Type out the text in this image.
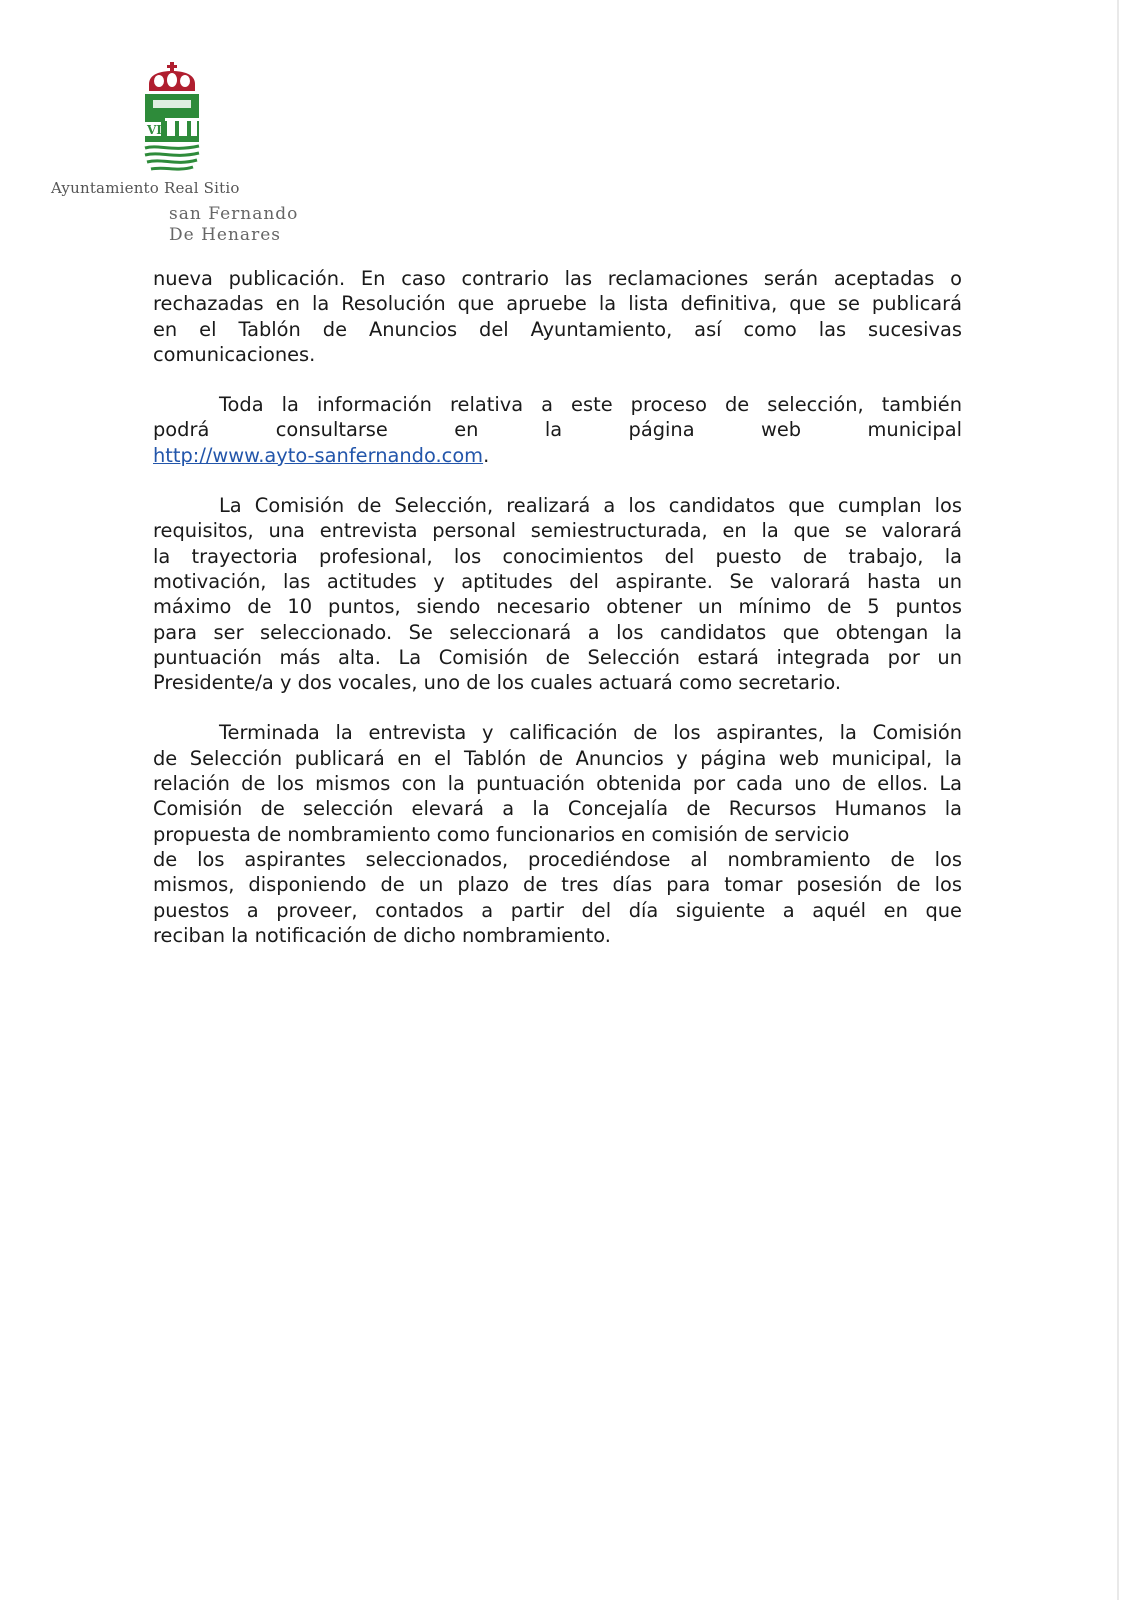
VI
Ayuntamiento Real Sitio
san Fernando
De Henares

nueva publicación. En caso contrario las reclamaciones serán aceptadas o
rechazadas en la Resolución que apruebe la lista definitiva, que se publicará
en el Tablón de Anuncios del Ayuntamiento, así como las sucesivas
comunicaciones.

Toda la información relativa a este proceso de selección, también
podrá consultarse en la página web municipal
http://www.ayto-sanfernando.com.

La Comisión de Selección, realizará a los candidatos que cumplan los
requisitos, una entrevista personal semiestructurada, en la que se valorará
la trayectoria profesional, los conocimientos del puesto de trabajo, la
motivación, las actitudes y aptitudes del aspirante. Se valorará hasta un
máximo de 10 puntos, siendo necesario obtener un mínimo de 5 puntos
para ser seleccionado. Se seleccionará a los candidatos que obtengan la
puntuación más alta. La Comisión de Selección estará integrada por un
Presidente/a y dos vocales, uno de los cuales actuará como secretario.

Terminada la entrevista y calificación de los aspirantes, la Comisión
de Selección publicará en el Tablón de Anuncios y página web municipal, la
relación de los mismos con la puntuación obtenida por cada uno de ellos. La
Comisión de selección elevará a la Concejalía de Recursos Humanos la
propuesta de nombramiento como funcionarios en comisión de servicio
de los aspirantes seleccionados, procediéndose al nombramiento de los
mismos, disponiendo de un plazo de tres días para tomar posesión de los
puestos a proveer, contados a partir del día siguiente a aquél en que
reciban la notificación de dicho nombramiento.
